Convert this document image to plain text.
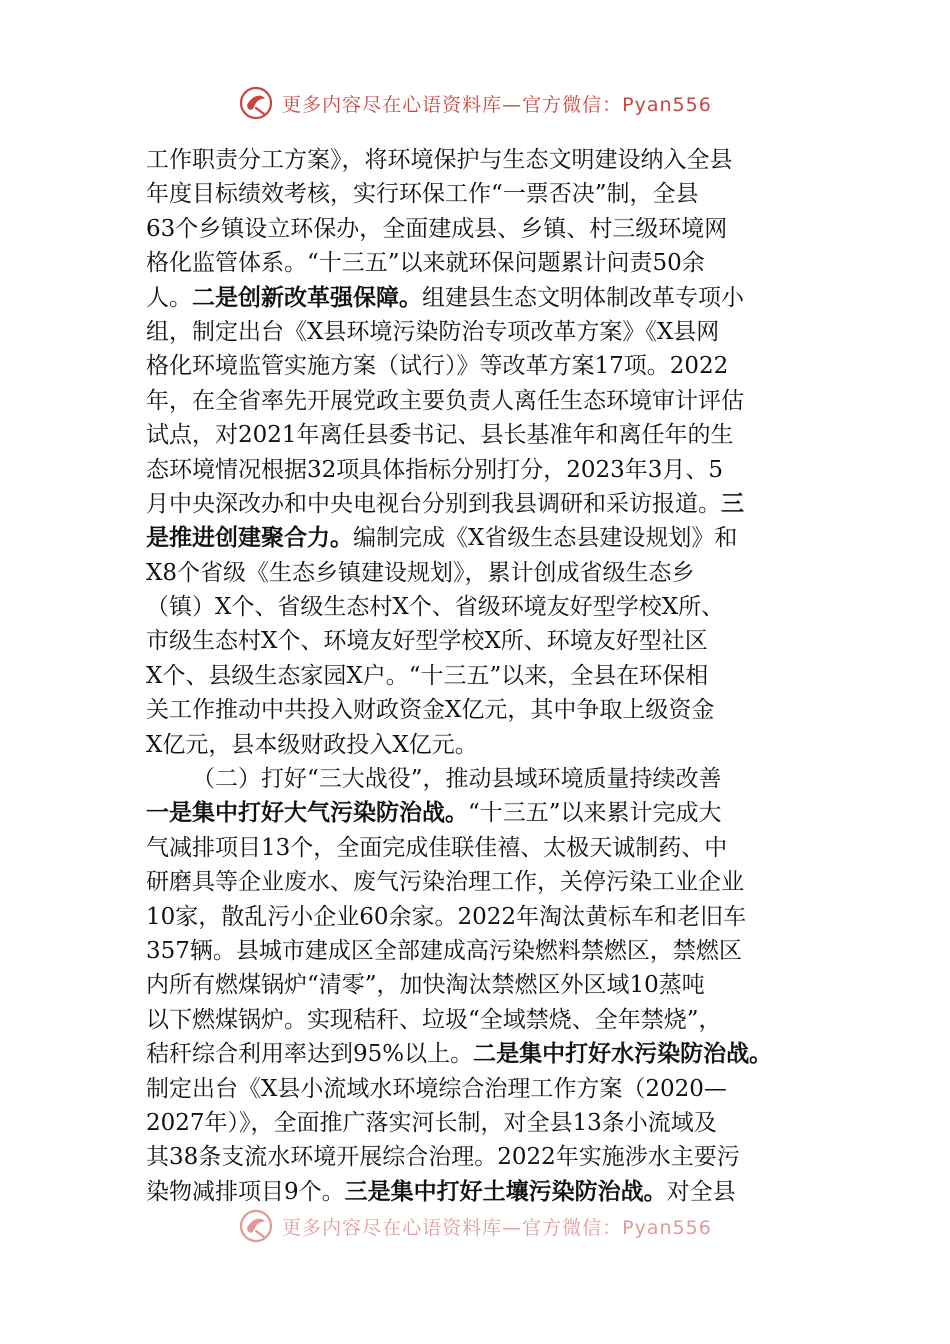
更多内容尽在心语资料库—官方微信：Pyan556
工作职责分工方案》，将环境保护与生态文明建设纳入全县
年度目标绩效考核，实行环保工作“一票否决”制，全县
63个乡镇设立环保办，全面建成县、乡镇、村三级环境网
格化监管体系。“十三五”以来就环保问题累计问责50余
人。二是创新改革强保障。组建县生态文明体制改革专项小
组，制定出台《X县环境污染防治专项改革方案》《X县网
格化环境监管实施方案（试行）》等改革方案17项。2022
年，在全省率先开展党政主要负责人离任生态环境审计评估
试点，对2021年离任县委书记、县长基准年和离任年的生
态环境情况根据32项具体指标分别打分，2023年3月、5
月中央深改办和中央电视台分别到我县调研和采访报道。三
是推进创建聚合力。编制完成《X省级生态县建设规划》和
X8个省级《生态乡镇建设规划》，累计创成省级生态乡
（镇）X个、省级生态村X个、省级环境友好型学校X所、
市级生态村X个、环境友好型学校X所、环境友好型社区
X个、县级生态家园X户。“十三五”以来，全县在环保相
关工作推动中共投入财政资金X亿元，其中争取上级资金
X亿元，县本级财政投入X亿元。
（二）打好“三大战役”，推动县域环境质量持续改善
一是集中打好大气污染防治战。“十三五”以来累计完成大
气减排项目13个，全面完成佳联佳禧、太极天诚制药、中
研磨具等企业废水、废气污染治理工作，关停污染工业企业
10家，散乱污小企业60余家。2022年淘汰黄标车和老旧车
357辆。县城市建成区全部建成高污染燃料禁燃区，禁燃区
内所有燃煤锅炉“清零”，加快淘汰禁燃区外区域10蒸吨
以下燃煤锅炉。实现秸秆、垃圾“全域禁烧、全年禁烧”，
秸秆综合利用率达到95%以上。二是集中打好水污染防治战。
制定出台《X县小流域水环境综合治理工作方案（2020—
2027年）》，全面推广落实河长制，对全县13条小流域及
其38条支流水环境开展综合治理。2022年实施涉水主要污
染物减排项目9个。三是集中打好土壤污染防治战。对全县
更多内容尽在心语资料库—官方微信：Pyan556
